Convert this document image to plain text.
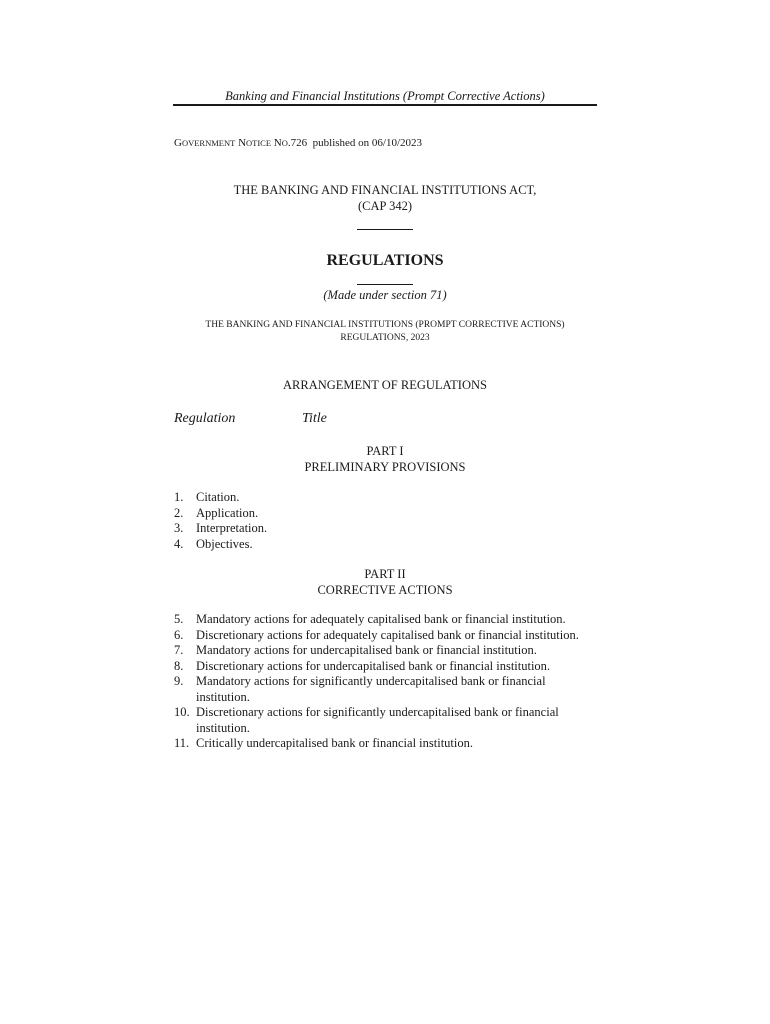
Banking and Financial Institutions (Prompt Corrective Actions)
GOVERNMENT NOTICE NO.726 published on 06/10/2023
THE BANKING AND FINANCIAL INSTITUTIONS ACT,
(CAP 342)
REGULATIONS
(Made under section 71)
THE BANKING AND FINANCIAL INSTITUTIONS (PROMPT CORRECTIVE ACTIONS)
REGULATIONS, 2023
ARRANGEMENT OF REGULATIONS
Regulation	Title
PART I
PRELIMINARY PROVISIONS
1. Citation.
2. Application.
3. Interpretation.
4. Objectives.
PART II
CORRECTIVE ACTIONS
5. Mandatory actions for adequately capitalised bank or financial institution.
6. Discretionary actions for adequately capitalised bank or financial institution.
7. Mandatory actions for undercapitalised bank or financial institution.
8. Discretionary actions for undercapitalised bank or financial institution.
9. Mandatory actions for significantly undercapitalised bank or financial institution.
10. Discretionary actions for significantly undercapitalised bank or financial institution.
11. Critically undercapitalised bank or financial institution.
